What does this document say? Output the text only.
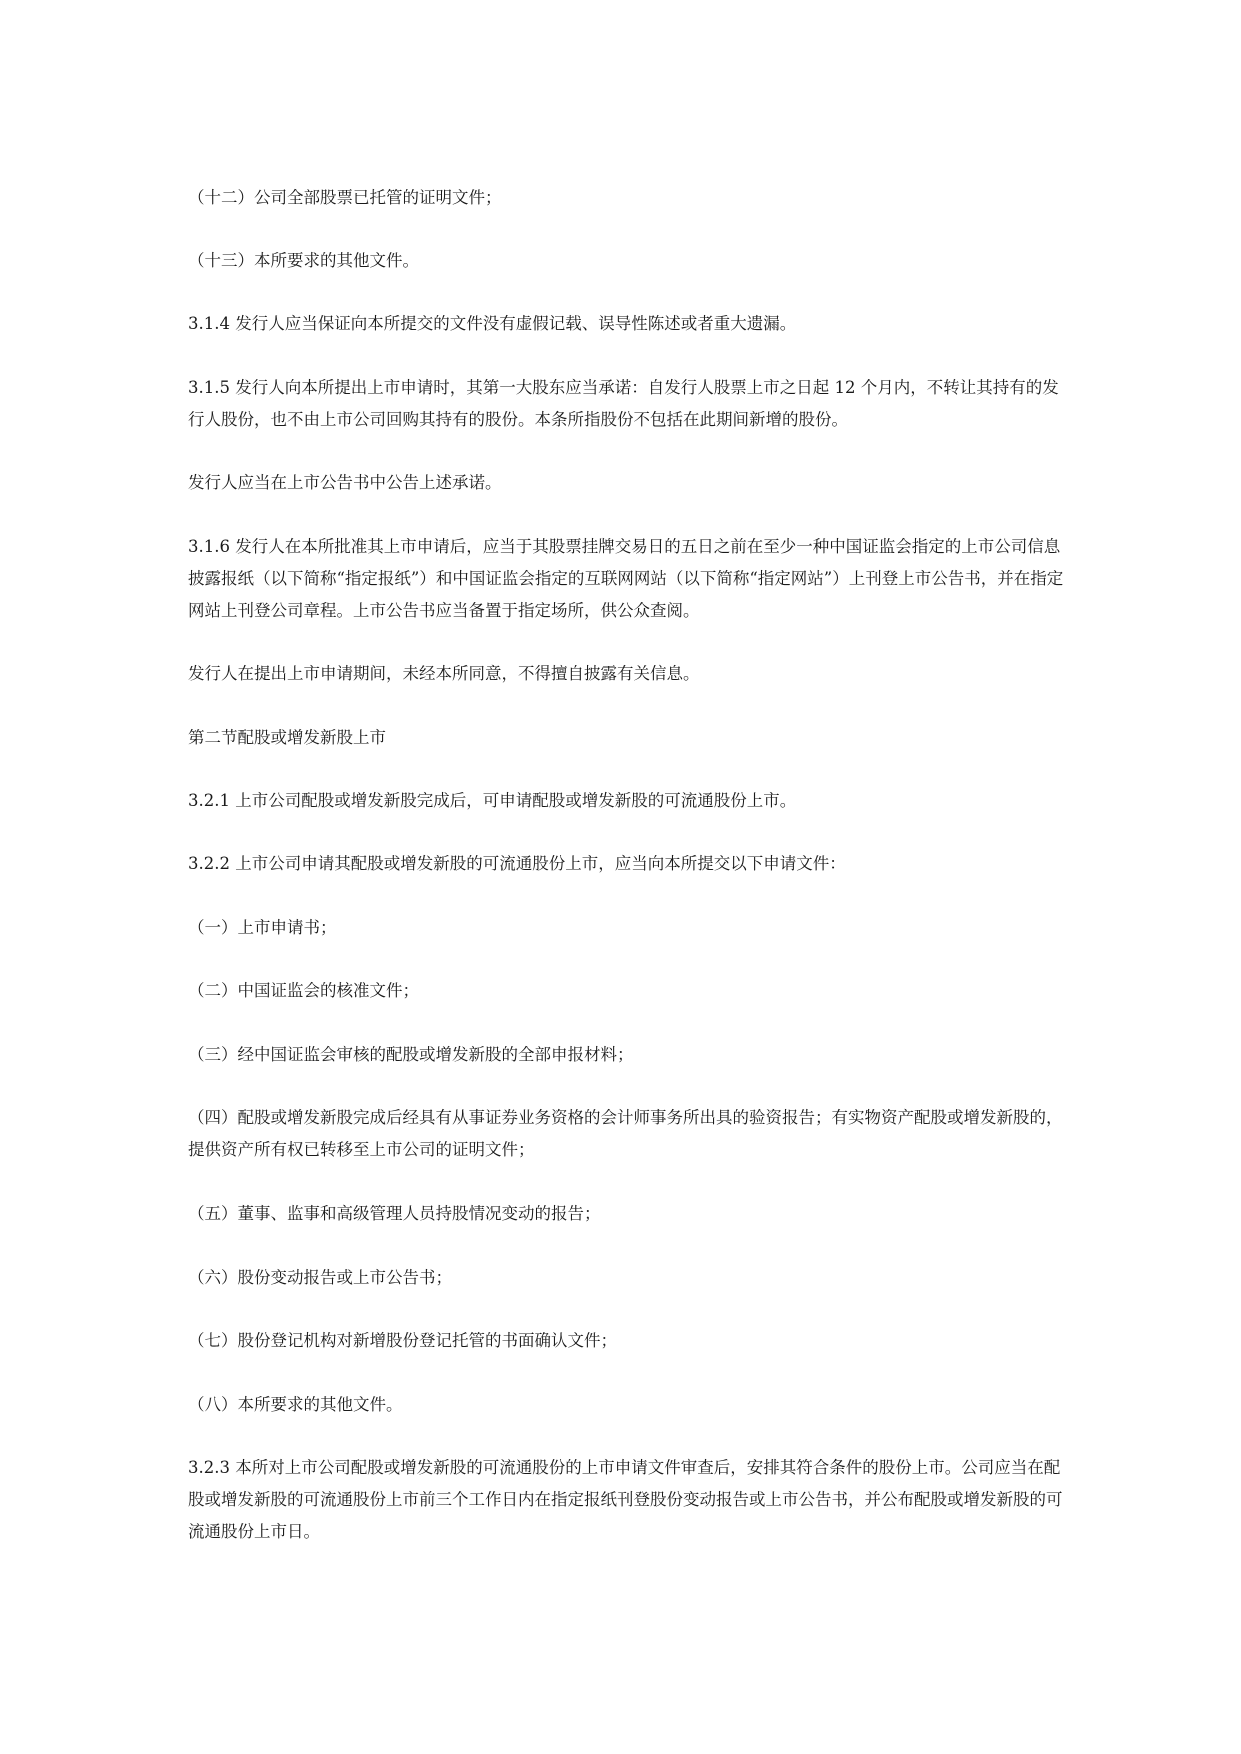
（十二）公司全部股票已托管的证明文件；

（十三）本所要求的其他文件。

3.1.4 发行人应当保证向本所提交的文件没有虚假记载、误导性陈述或者重大遗漏。

3.1.5 发行人向本所提出上市申请时，其第一大股东应当承诺：自发行人股票上市之日起 12 个月内，不转让其持有的发行人股份，也不由上市公司回购其持有的股份。本条所指股份不包括在此期间新增的股份。

发行人应当在上市公告书中公告上述承诺。

3.1.6 发行人在本所批准其上市申请后，应当于其股票挂牌交易日的五日之前在至少一种中国证监会指定的上市公司信息披露报纸（以下简称“指定报纸”）和中国证监会指定的互联网网站（以下简称“指定网站”）上刊登上市公告书，并在指定网站上刊登公司章程。上市公告书应当备置于指定场所，供公众查阅。

发行人在提出上市申请期间，未经本所同意，不得擅自披露有关信息。

第二节配股或增发新股上市

3.2.1 上市公司配股或增发新股完成后，可申请配股或增发新股的可流通股份上市。

3.2.2 上市公司申请其配股或增发新股的可流通股份上市，应当向本所提交以下申请文件：

（一）上市申请书；

（二）中国证监会的核准文件；

（三）经中国证监会审核的配股或增发新股的全部申报材料；

（四）配股或增发新股完成后经具有从事证券业务资格的会计师事务所出具的验资报告；有实物资产配股或增发新股的，提供资产所有权已转移至上市公司的证明文件；

（五）董事、监事和高级管理人员持股情况变动的报告；

（六）股份变动报告或上市公告书；

（七）股份登记机构对新增股份登记托管的书面确认文件；

（八）本所要求的其他文件。

3.2.3 本所对上市公司配股或增发新股的可流通股份的上市申请文件审查后，安排其符合条件的股份上市。公司应当在配股或增发新股的可流通股份上市前三个工作日内在指定报纸刊登股份变动报告或上市公告书，并公布配股或增发新股的可流通股份上市日。
